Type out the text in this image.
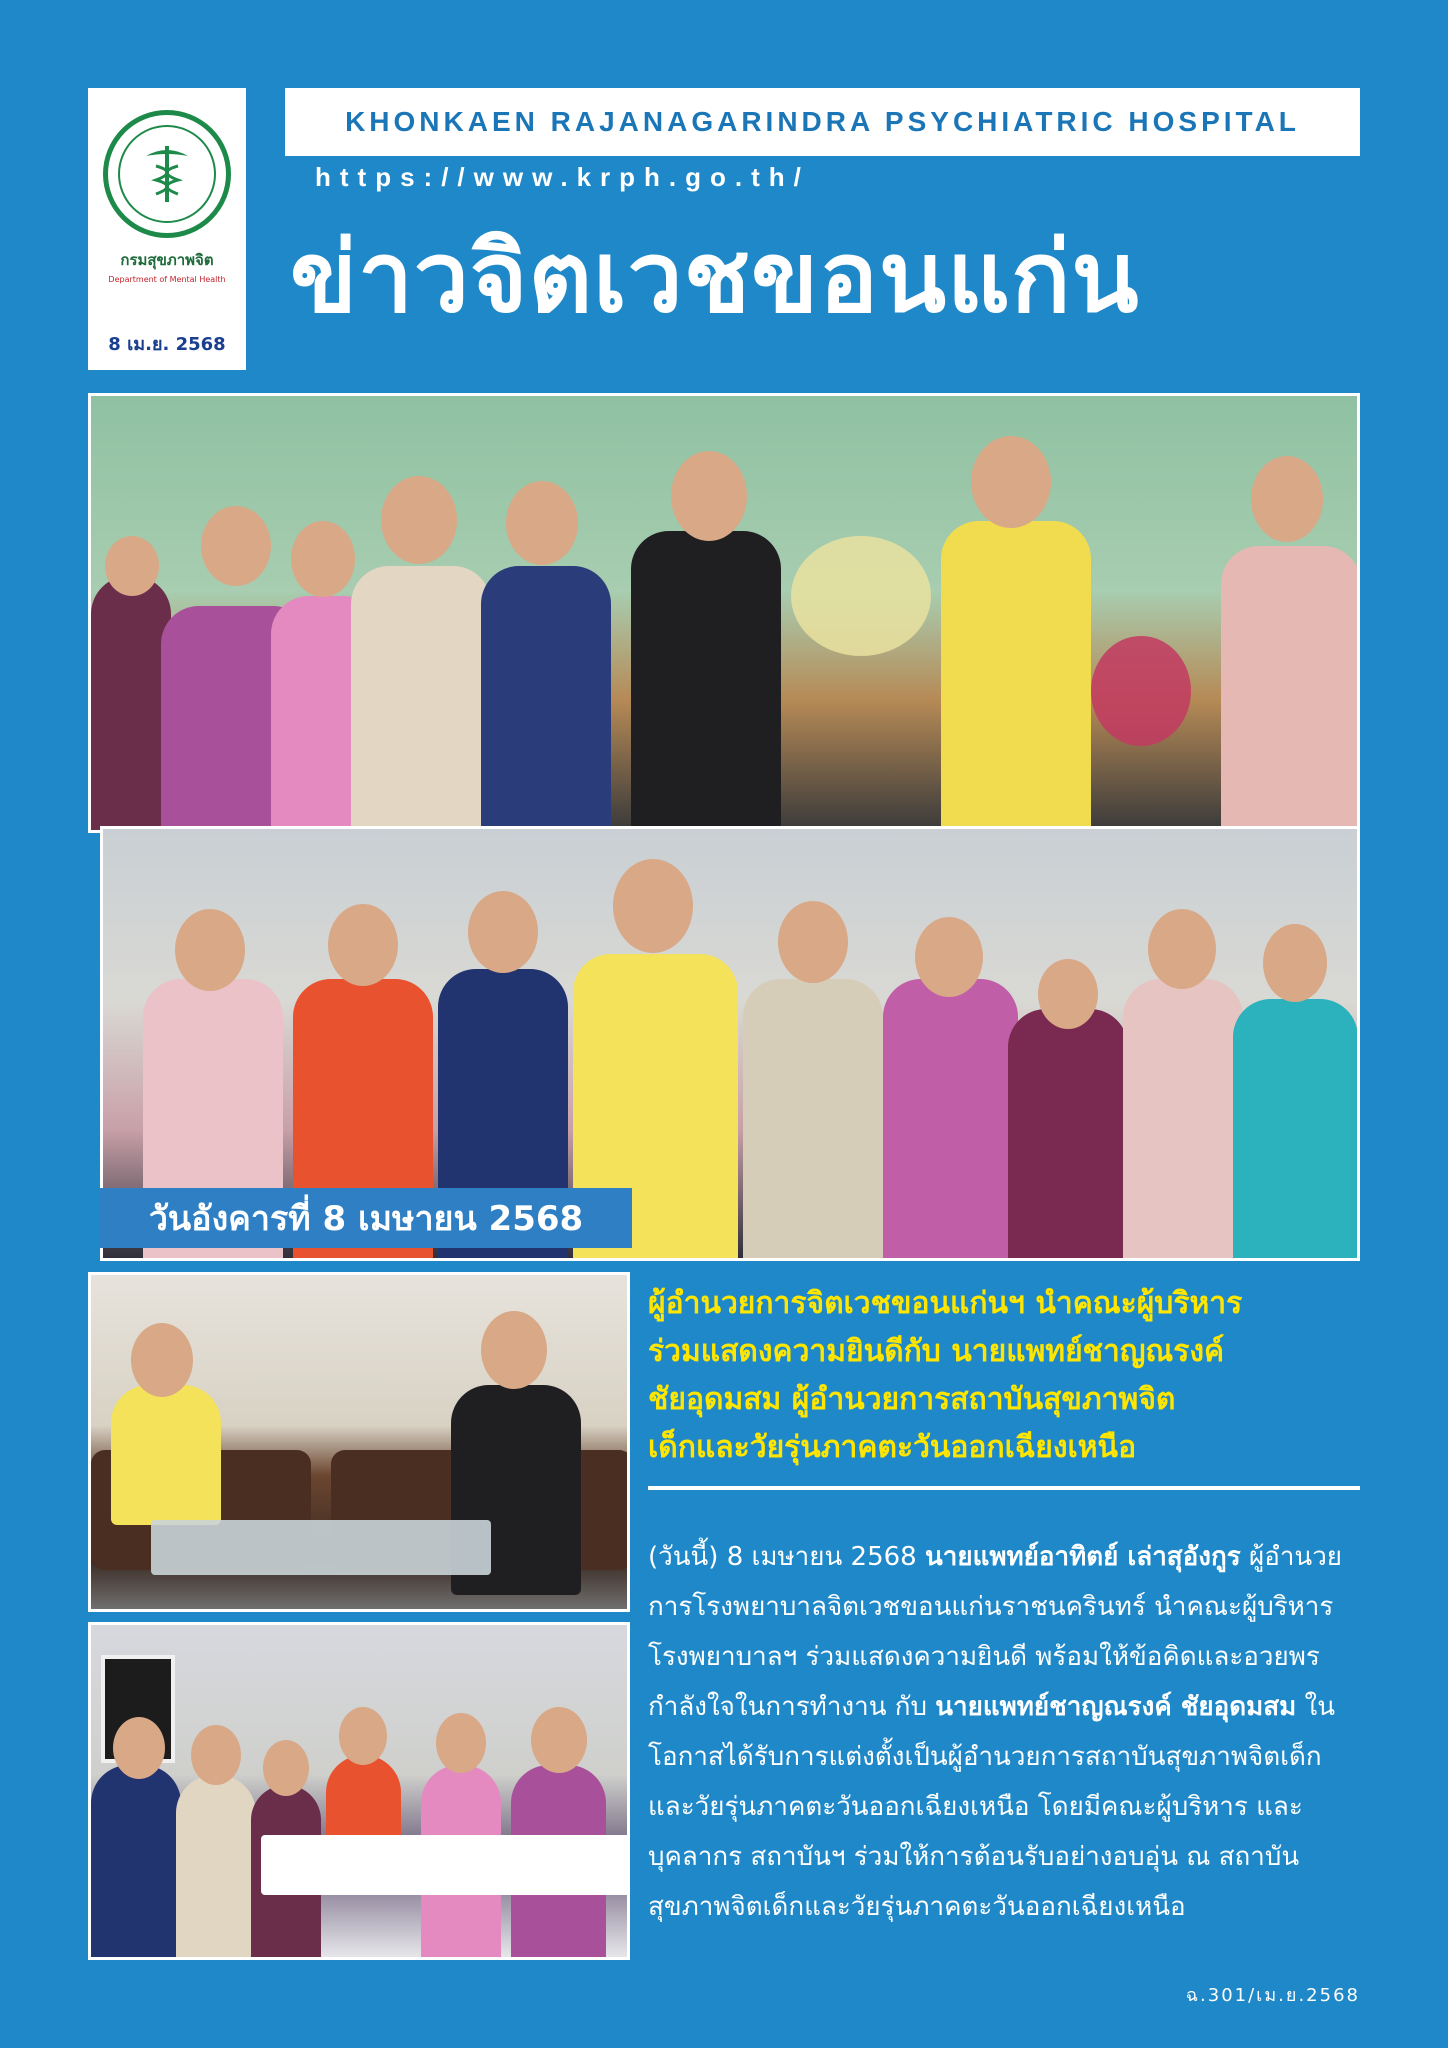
กรมสุขภาพจิต
Department of Mental Health
8 เม.ย. 2568
KHONKAEN RAJANAGARINDRA PSYCHIATRIC HOSPITAL
https://www.krph.go.th/
ข่าวจิตเวชขอนแก่น
วันอังคารที่ 8 เมษายน 2568
ผู้อำนวยการจิตเวชขอนแก่นฯ นำคณะผู้บริหาร
ร่วมแสดงความยินดีกับ นายแพทย์ชาญณรงค์
ชัยอุดมสม ผู้อำนวยการสถาบันสุขภาพจิต
เด็กและวัยรุ่นภาคตะวันออกเฉียงเหนือ
(วันนี้) 8 เมษายน 2568 นายแพทย์อาทิตย์ เล่าสุอังกูร ผู้อำนวยการโรงพยาบาลจิตเวชขอนแก่นราชนครินทร์ นำคณะผู้บริหารโรงพยาบาลฯ ร่วมแสดงความยินดี พร้อมให้ข้อคิดและอวยพรกำลังใจในการทำงาน กับ นายแพทย์ชาญณรงค์ ชัยอุดมสม ในโอกาสได้รับการแต่งตั้งเป็นผู้อำนวยการสถาบันสุขภาพจิตเด็กและวัยรุ่นภาคตะวันออกเฉียงเหนือ โดยมีคณะผู้บริหาร และบุคลากร สถาบันฯ ร่วมให้การต้อนรับอย่างอบอุ่น ณ สถาบันสุขภาพจิตเด็กและวัยรุ่นภาคตะวันออกเฉียงเหนือ
ฉ.301/เม.ย.2568
